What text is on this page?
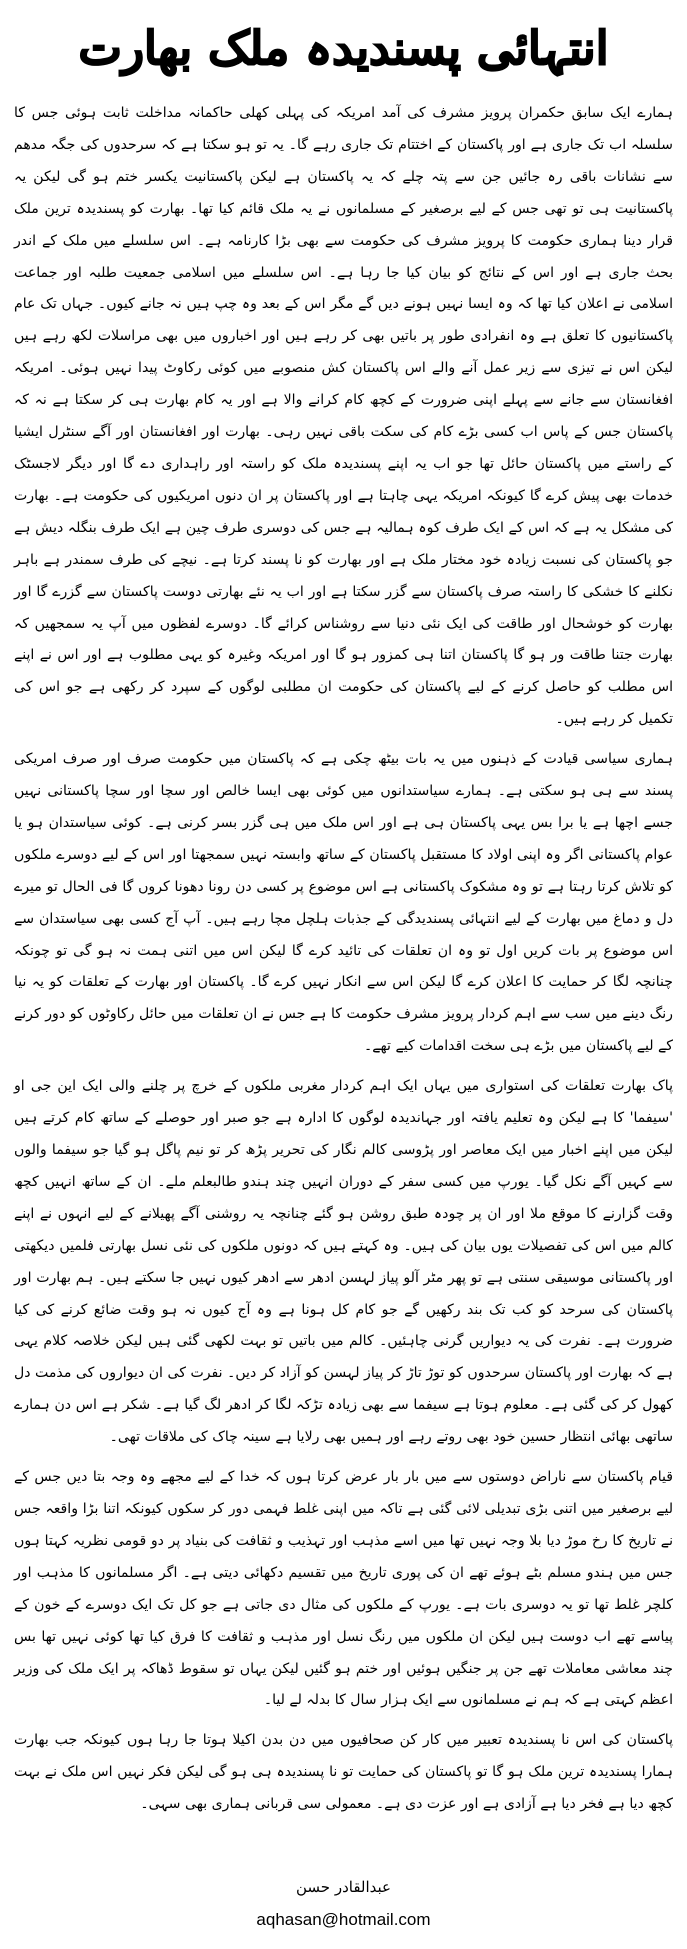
انتہائی پسندیدہ ملک بھارت

ہمارے ایک سابق حکمران پرویز مشرف کی آمد امریکہ کی پہلی کھلی حاکمانہ مداخلت ثابت ہوئی جس کا سلسلہ اب تک جاری ہے اور پاکستان کے اختتام تک جاری رہے گا۔ یہ تو ہو سکتا ہے کہ سرحدوں کی جگہ مدھم سے نشانات باقی رہ جائیں جن سے پتہ چلے کہ یہ پاکستان ہے لیکن پاکستانیت یکسر ختم ہو گی لیکن یہ پاکستانیت ہی تو تھی جس کے لیے برصغیر کے مسلمانوں نے یہ ملک قائم کیا تھا۔ بھارت کو پسندیدہ ترین ملک قرار دینا ہماری حکومت کا پرویز مشرف کی حکومت سے بھی بڑا کارنامہ ہے۔ اس سلسلے میں ملک کے اندر بحث جاری ہے اور اس کے نتائج کو بیان کیا جا رہا ہے۔ اس سلسلے میں اسلامی جمعیت طلبہ اور جماعت اسلامی نے اعلان کیا تھا کہ وہ ایسا نہیں ہونے دیں گے مگر اس کے بعد وہ چپ ہیں نہ جانے کیوں۔ جہاں تک عام پاکستانیوں کا تعلق ہے وہ انفرادی طور پر باتیں بھی کر رہے ہیں اور اخباروں میں بھی مراسلات لکھ رہے ہیں لیکن اس نے تیزی سے زیر عمل آنے والے اس پاکستان کش منصوبے میں کوئی رکاوٹ پیدا نہیں ہوئی۔ امریکہ افغانستان سے جانے سے پہلے اپنی ضرورت کے کچھ کام کرانے والا ہے اور یہ کام بھارت ہی کر سکتا ہے نہ کہ پاکستان جس کے پاس اب کسی بڑے کام کی سکت باقی نہیں رہی۔ بھارت اور افغانستان اور آگے سنٹرل ایشیا کے راستے میں پاکستان حائل تھا جو اب یہ اپنے پسندیدہ ملک کو راستہ اور راہداری دے گا اور دیگر لاجسٹک خدمات بھی پیش کرے گا کیونکہ امریکہ یہی چاہتا ہے اور پاکستان پر ان دنوں امریکیوں کی حکومت ہے۔ بھارت کی مشکل یہ ہے کہ اس کے ایک طرف کوہ ہمالیہ ہے جس کی دوسری طرف چین ہے ایک طرف بنگلہ دیش ہے جو پاکستان کی نسبت زیادہ خود مختار ملک ہے اور بھارت کو نا پسند کرتا ہے۔ نیچے کی طرف سمندر ہے باہر نکلنے کا خشکی کا راستہ صرف پاکستان سے گزر سکتا ہے اور اب یہ نئے بھارتی دوست پاکستان سے گزرے گا اور بھارت کو خوشحال اور طاقت کی ایک نئی دنیا سے روشناس کرائے گا۔ دوسرے لفظوں میں آپ یہ سمجھیں کہ بھارت جتنا طاقت ور ہو گا پاکستان اتنا ہی کمزور ہو گا اور امریکہ وغیرہ کو یہی مطلوب ہے اور اس نے اپنے اس مطلب کو حاصل کرنے کے لیے پاکستان کی حکومت ان مطلبی لوگوں کے سپرد کر رکھی ہے جو اس کی تکمیل کر رہے ہیں۔

ہماری سیاسی قیادت کے ذہنوں میں یہ بات بیٹھ چکی ہے کہ پاکستان میں حکومت صرف اور صرف امریکی پسند سے ہی ہو سکتی ہے۔ ہمارے سیاستدانوں میں کوئی بھی ایسا خالص اور سچا اور سچا پاکستانی نہیں جسے اچھا ہے یا برا بس یہی پاکستان ہی ہے اور اس ملک میں ہی گزر بسر کرنی ہے۔ کوئی سیاستدان ہو یا عوام پاکستانی اگر وہ اپنی اولاد کا مستقبل پاکستان کے ساتھ وابستہ نہیں سمجھتا اور اس کے لیے دوسرے ملکوں کو تلاش کرتا رہتا ہے تو وہ مشکوک پاکستانی ہے اس موضوع پر کسی دن رونا دھونا کروں گا فی الحال تو میرے دل و دماغ میں بھارت کے لیے انتہائی پسندیدگی کے جذبات ہلچل مچا رہے ہیں۔ آپ آج کسی بھی سیاستدان سے اس موضوع پر بات کریں اول تو وہ ان تعلقات کی تائید کرے گا لیکن اس میں اتنی ہمت نہ ہو گی تو چونکہ چنانچہ لگا کر حمایت کا اعلان کرے گا لیکن اس سے انکار نہیں کرے گا۔ پاکستان اور بھارت کے تعلقات کو یہ نیا رنگ دینے میں سب سے اہم کردار پرویز مشرف حکومت کا ہے جس نے ان تعلقات میں حائل رکاوٹوں کو دور کرنے کے لیے پاکستان میں بڑے ہی سخت اقدامات کیے تھے۔

پاک بھارت تعلقات کی استواری میں یہاں ایک اہم کردار مغربی ملکوں کے خرچ پر چلنے والی ایک این جی او 'سیفما' کا ہے لیکن وہ تعلیم یافتہ اور جہاندیدہ لوگوں کا ادارہ ہے جو صبر اور حوصلے کے ساتھ کام کرتے ہیں لیکن میں اپنے اخبار میں ایک معاصر اور پڑوسی کالم نگار کی تحریر پڑھ کر تو نیم پاگل ہو گیا جو سیفما والوں سے کہیں آگے نکل گیا۔ یورپ میں کسی سفر کے دوران انہیں چند ہندو طالبعلم ملے۔ ان کے ساتھ انہیں کچھ وقت گزارنے کا موقع ملا اور ان پر چودہ طبق روشن ہو گئے چنانچہ یہ روشنی آگے پھیلانے کے لیے انہوں نے اپنے کالم میں اس کی تفصیلات یوں بیان کی ہیں۔ وہ کہتے ہیں کہ دونوں ملکوں کی نئی نسل بھارتی فلمیں دیکھتی اور پاکستانی موسیقی سنتی ہے تو پھر مٹر آلو پیاز لہسن ادھر سے ادھر کیوں نہیں جا سکتے ہیں۔ ہم بھارت اور پاکستان کی سرحد کو کب تک بند رکھیں گے جو کام کل ہونا ہے وہ آج کیوں نہ ہو وقت ضائع کرنے کی کیا ضرورت ہے۔ نفرت کی یہ دیواریں گرنی چاہئیں۔ کالم میں باتیں تو بہت لکھی گئی ہیں لیکن خلاصہ کلام یہی ہے کہ بھارت اور پاکستان سرحدوں کو توڑ تاڑ کر پیاز لہسن کو آزاد کر دیں۔ نفرت کی ان دیواروں کی مذمت دل کھول کر کی گئی ہے۔ معلوم ہوتا ہے سیفما سے بھی زیادہ تڑکہ لگا کر ادھر لگ گیا ہے۔ شکر ہے اس دن ہمارے ساتھی بھائی انتظار حسین خود بھی روتے رہے اور ہمیں بھی رلایا ہے سینہ چاک کی ملاقات تھی۔

قیام پاکستان سے ناراض دوستوں سے میں بار بار عرض کرتا ہوں کہ خدا کے لیے مجھے وہ وجہ بتا دیں جس کے لیے برصغیر میں اتنی بڑی تبدیلی لائی گئی ہے تاکہ میں اپنی غلط فہمی دور کر سکوں کیونکہ اتنا بڑا واقعہ جس نے تاریخ کا رخ موڑ دیا بلا وجہ نہیں تھا میں اسے مذہب اور تہذیب و ثقافت کی بنیاد پر دو قومی نظریہ کہتا ہوں جس میں ہندو مسلم بٹے ہوئے تھے ان کی پوری تاریخ میں تقسیم دکھائی دیتی ہے۔ اگر مسلمانوں کا مذہب اور کلچر غلط تھا تو یہ دوسری بات ہے۔ یورپ کے ملکوں کی مثال دی جاتی ہے جو کل تک ایک دوسرے کے خون کے پیاسے تھے اب دوست ہیں لیکن ان ملکوں میں رنگ نسل اور مذہب و ثقافت کا فرق کیا تھا کوئی نہیں تھا بس چند معاشی معاملات تھے جن پر جنگیں ہوئیں اور ختم ہو گئیں لیکن یہاں تو سقوط ڈھاکہ پر ایک ملک کی وزیر اعظم کہتی ہے کہ ہم نے مسلمانوں سے ایک ہزار سال کا بدلہ لے لیا۔

پاکستان کی اس نا پسندیدہ تعبیر میں کار کن صحافیوں میں دن بدن اکیلا ہوتا جا رہا ہوں کیونکہ جب بھارت ہمارا پسندیدہ ترین ملک ہو گا تو پاکستان کی حمایت تو نا پسندیدہ ہی ہو گی لیکن فکر نہیں اس ملک نے بہت کچھ دیا ہے فخر دیا ہے آزادی ہے اور عزت دی ہے۔ معمولی سی قربانی ہماری بھی سہی۔

عبدالقادر حسن
aqhasan@hotmail.com
